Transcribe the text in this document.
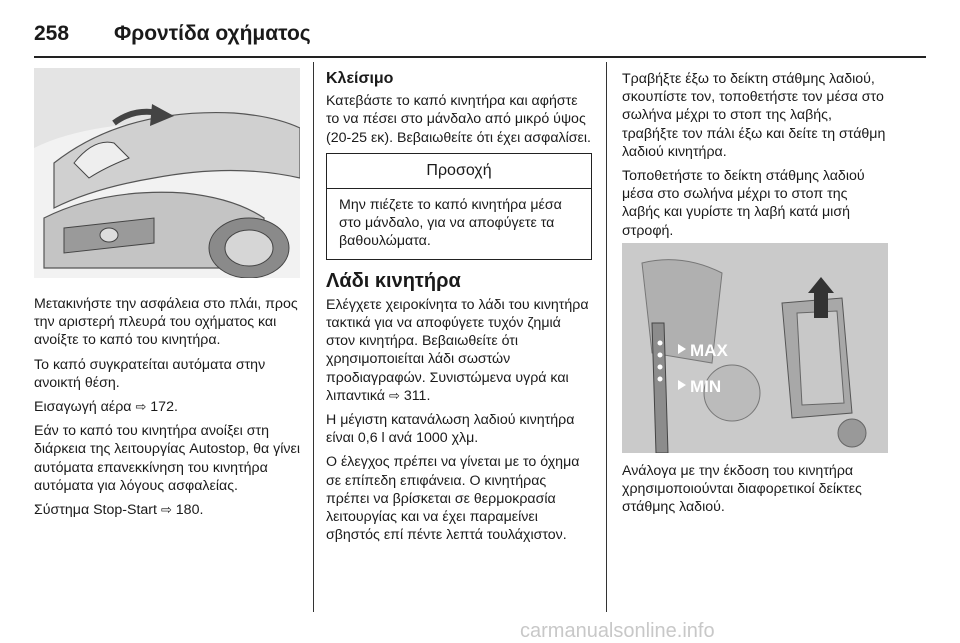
258 Φροντίδα οχήματος

Μετακινήστε την ασφάλεια στο πλάι, προς την αριστερή πλευρά του οχήματος και ανοίξτε το καπό του κινητήρα.

Το καπό συγκρατείται αυτόματα στην ανοικτή θέση.

Εισαγωγή αέρα ⇨ 172.

Εάν το καπό του κινητήρα ανοίξει στη διάρκεια της λειτουργίας Autostop, θα γίνει αυτόματα επανεκκίνηση του κινητήρα αυτόματα για λόγους ασφαλείας.

Σύστημα Stop-Start ⇨ 180.

Κλείσιμο

Κατεβάστε το καπό κινητήρα και αφήστε το να πέσει στο μάνδαλο από μικρό ύψος (20-25 εκ). Βεβαιωθείτε ότι έχει ασφαλίσει.

Προσοχή
Μην πιέζετε το καπό κινητήρα μέσα στο μάνδαλο, για να αποφύγετε τα βαθουλώματα.
Λάδι κινητήρα

Ελέγχετε χειροκίνητα το λάδι του κινητήρα τακτικά για να αποφύγετε τυχόν ζημιά στον κινητήρα. Βεβαιωθείτε ότι χρησιμοποιείται λάδι σωστών προδιαγραφών. Συνιστώμενα υγρά και λιπαντικά ⇨ 311.

Η μέγιστη κατανάλωση λαδιού κινητήρα είναι 0,6 l ανά 1000 χλμ.

Ο έλεγχος πρέπει να γίνεται με το όχημα σε επίπεδη επιφάνεια. Ο κινητήρας πρέπει να βρίσκεται σε θερμοκρασία λειτουργίας και να έχει παραμείνει σβηστός επί πέντε λεπτά τουλάχιστον.

Τραβήξτε έξω το δείκτη στάθμης λαδιού, σκουπίστε τον, τοποθετήστε τον μέσα στο σωλήνα μέχρι το στοπ της λαβής, τραβήξτε τον πάλι έξω και δείτε τη στάθμη λαδιού κινητήρα.

Τοποθετήστε το δείκτη στάθμης λαδιού μέσα στο σωλήνα μέχρι το στοπ της λαβής και γυρίστε τη λαβή κατά μισή στροφή.

MAX
MIN

Ανάλογα με την έκδοση του κινητήρα χρησιμοποιούνται διαφορετικοί δείκτες στάθμης λαδιού.

carmanualsonline.info
